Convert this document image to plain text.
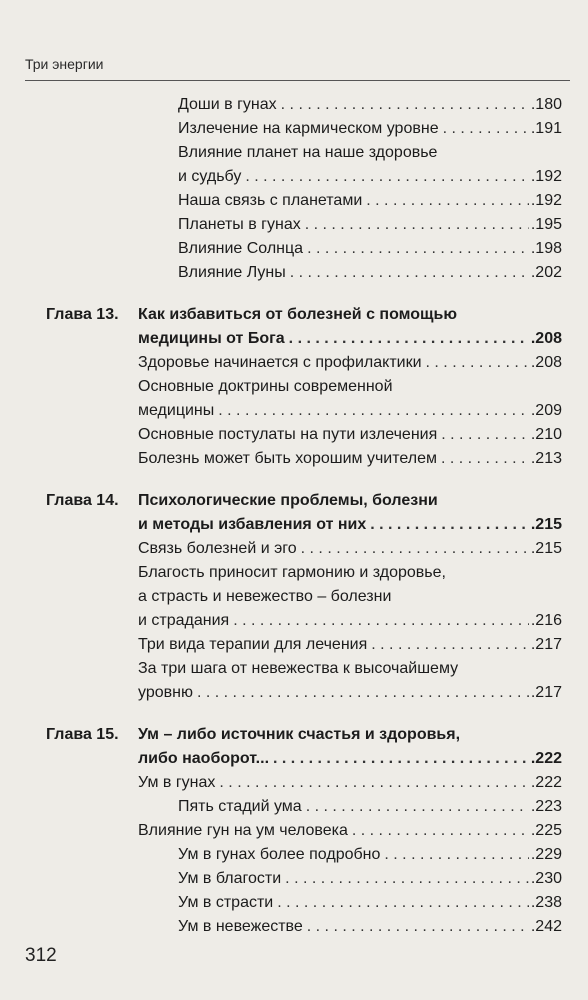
Три энергии
Доши в гунах . . .	.180
Излечение на кармическом уровне . . .	.191
Влияние планет на наше здоровье
и судьбу . . .	.192
Наша связь с планетами . . .	.192
Планеты в гунах . . .	.195
Влияние Солнца . . .	.198
Влияние Луны . . .	.202
Глава 13. Как избавиться от болезней с помощью
медицины от Бога . . .	.208
Здоровье начинается с профилактики . . .	.208
Основные доктрины современной
медицины . . .	.209
Основные постулаты на пути излечения . . .	.210
Болезнь может быть хорошим учителем . . .	.213
Глава 14. Психологические проблемы, болезни
и методы избавления от них . . .	.215
Связь болезней и эго . . .	.215
Благость приносит гармонию и здоровье,
а страсть и невежество – болезни
и страдания . . .	.216
Три вида терапии для лечения . . .	.217
За три шага от невежества к высочайшему
уровню . . .	.217
Глава 15. Ум – либо источник счастья и здоровья,
либо наоборот... . . .	.222
Ум в гунах . . .	.222
Пять стадий ума . . .	.223
Влияние гун на ум человека . . .	.225
Ум в гунах более подробно . . .	.229
Ум в благости . . .	.230
Ум в страсти . . .	.238
Ум в невежестве . . .	.242
312
